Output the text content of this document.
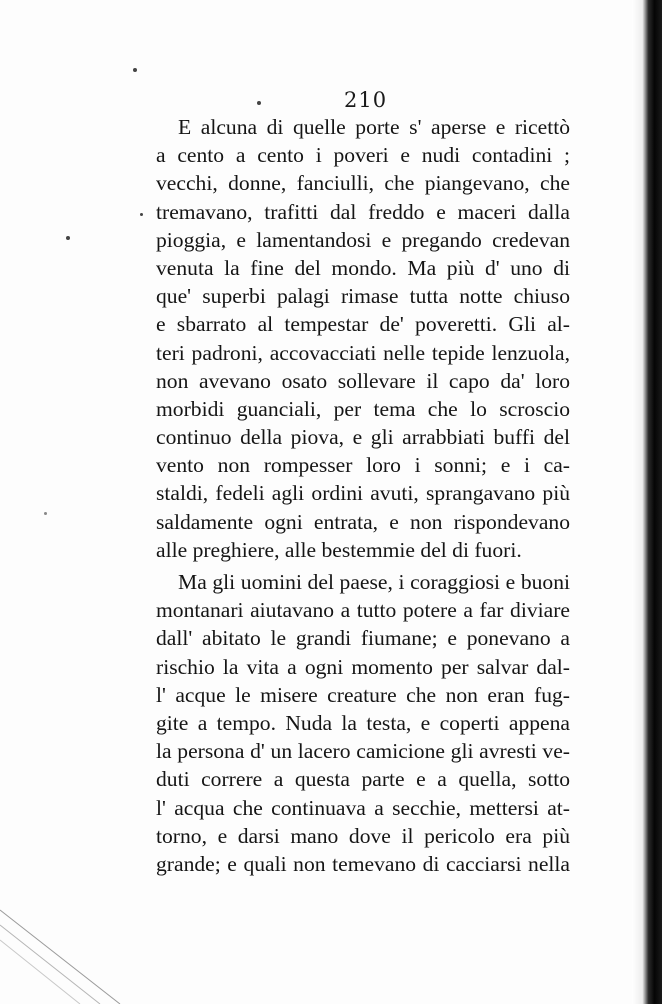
210
E alcuna di quelle porte s' aperse e ricettò
a cento a cento i poveri e nudi contadini ;
vecchi, donne, fanciulli, che piangevano, che
tremavano, trafitti dal freddo e maceri dalla
pioggia, e lamentandosi e pregando credevan
venuta la fine del mondo. Ma più d' uno di
que' superbi palagi rimase tutta notte chiuso
e sbarrato al tempestar de' poveretti. Gli al-
teri padroni, accovacciati nelle tepide lenzuola,
non avevano osato sollevare il capo da' loro
morbidi guanciali, per tema che lo scroscio
continuo della piova, e gli arrabbiati buffi del
vento non rompesser loro i sonni; e i ca-
staldi, fedeli agli ordini avuti, sprangavano più
saldamente ogni entrata, e non rispondevano
alle preghiere, alle bestemmie del di fuori.
Ma gli uomini del paese, i coraggiosi e buoni
montanari aiutavano a tutto potere a far diviare
dall' abitato le grandi fiumane; e ponevano a
rischio la vita a ogni momento per salvar dal-
l' acque le misere creature che non eran fug-
gite a tempo. Nuda la testa, e coperti appena
la persona d' un lacero camicione gli avresti ve-
duti correre a questa parte e a quella, sotto
l' acqua che continuava a secchie, mettersi at-
torno, e darsi mano dove il pericolo era più
grande; e quali non temevano di cacciarsi nella
